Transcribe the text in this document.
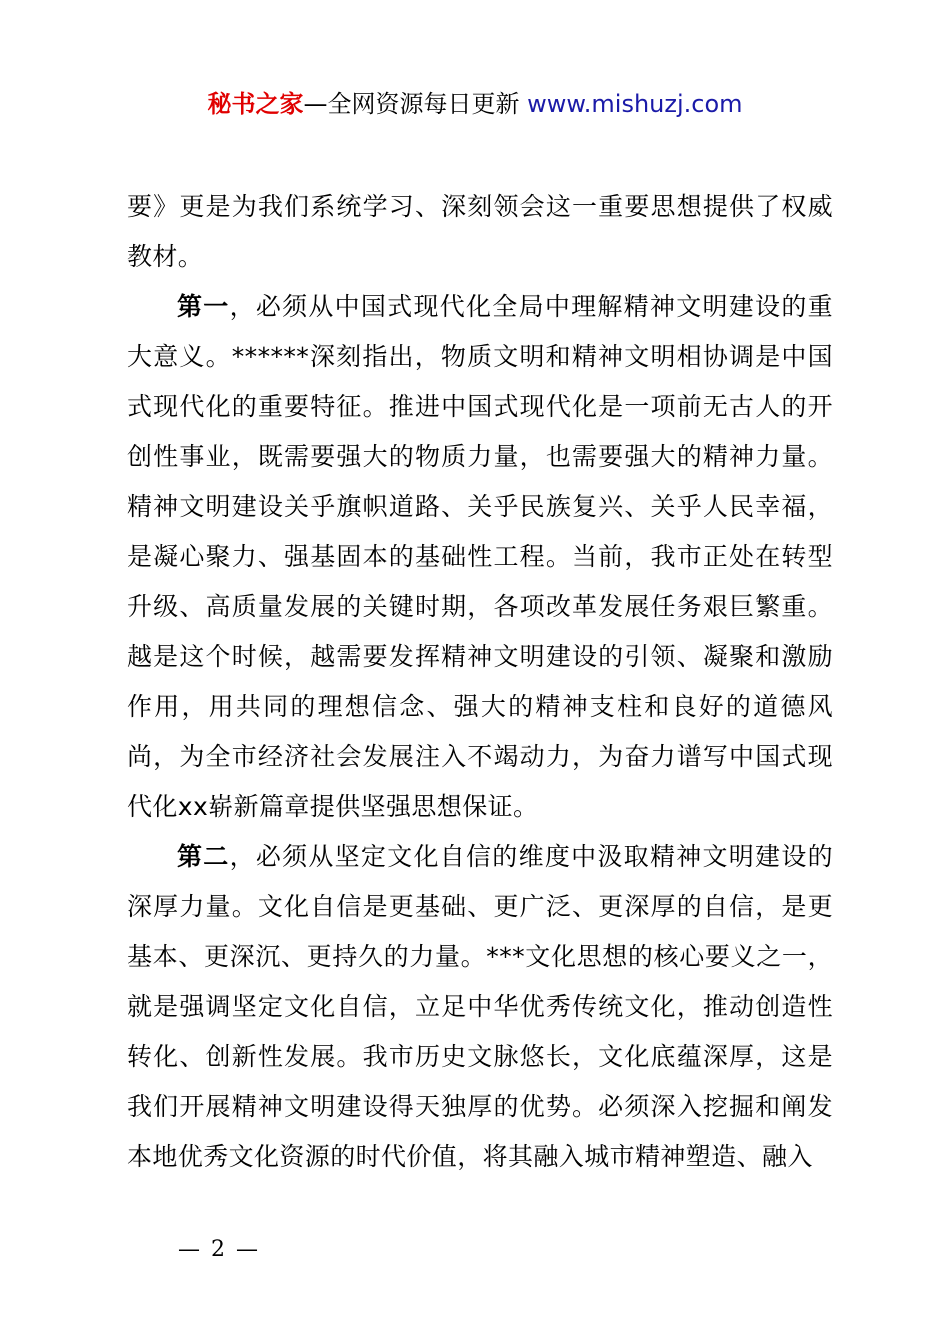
秘书之家—全网资源每日更新 www.mishuzj.com

要》更是为我们系统学习、深刻领会这一重要思想提供了权威教材。

第一，必须从中国式现代化全局中理解精神文明建设的重大意义。******深刻指出，物质文明和精神文明相协调是中国式现代化的重要特征。推进中国式现代化是一项前无古人的开创性事业，既需要强大的物质力量，也需要强大的精神力量。精神文明建设关乎旗帜道路、关乎民族复兴、关乎人民幸福，是凝心聚力、强基固本的基础性工程。当前，我市正处在转型升级、高质量发展的关键时期，各项改革发展任务艰巨繁重。越是这个时候，越需要发挥精神文明建设的引领、凝聚和激励作用，用共同的理想信念、强大的精神支柱和良好的道德风尚，为全市经济社会发展注入不竭动力，为奋力谱写中国式现代化xx崭新篇章提供坚强思想保证。

第二，必须从坚定文化自信的维度中汲取精神文明建设的深厚力量。文化自信是更基础、更广泛、更深厚的自信，是更基本、更深沉、更持久的力量。***文化思想的核心要义之一，就是强调坚定文化自信，立足中华优秀传统文化，推动创造性转化、创新性发展。我市历史文脉悠长，文化底蕴深厚，这是我们开展精神文明建设得天独厚的优势。必须深入挖掘和阐发本地优秀文化资源的时代价值，将其融入城市精神塑造、融入

— 2 —
